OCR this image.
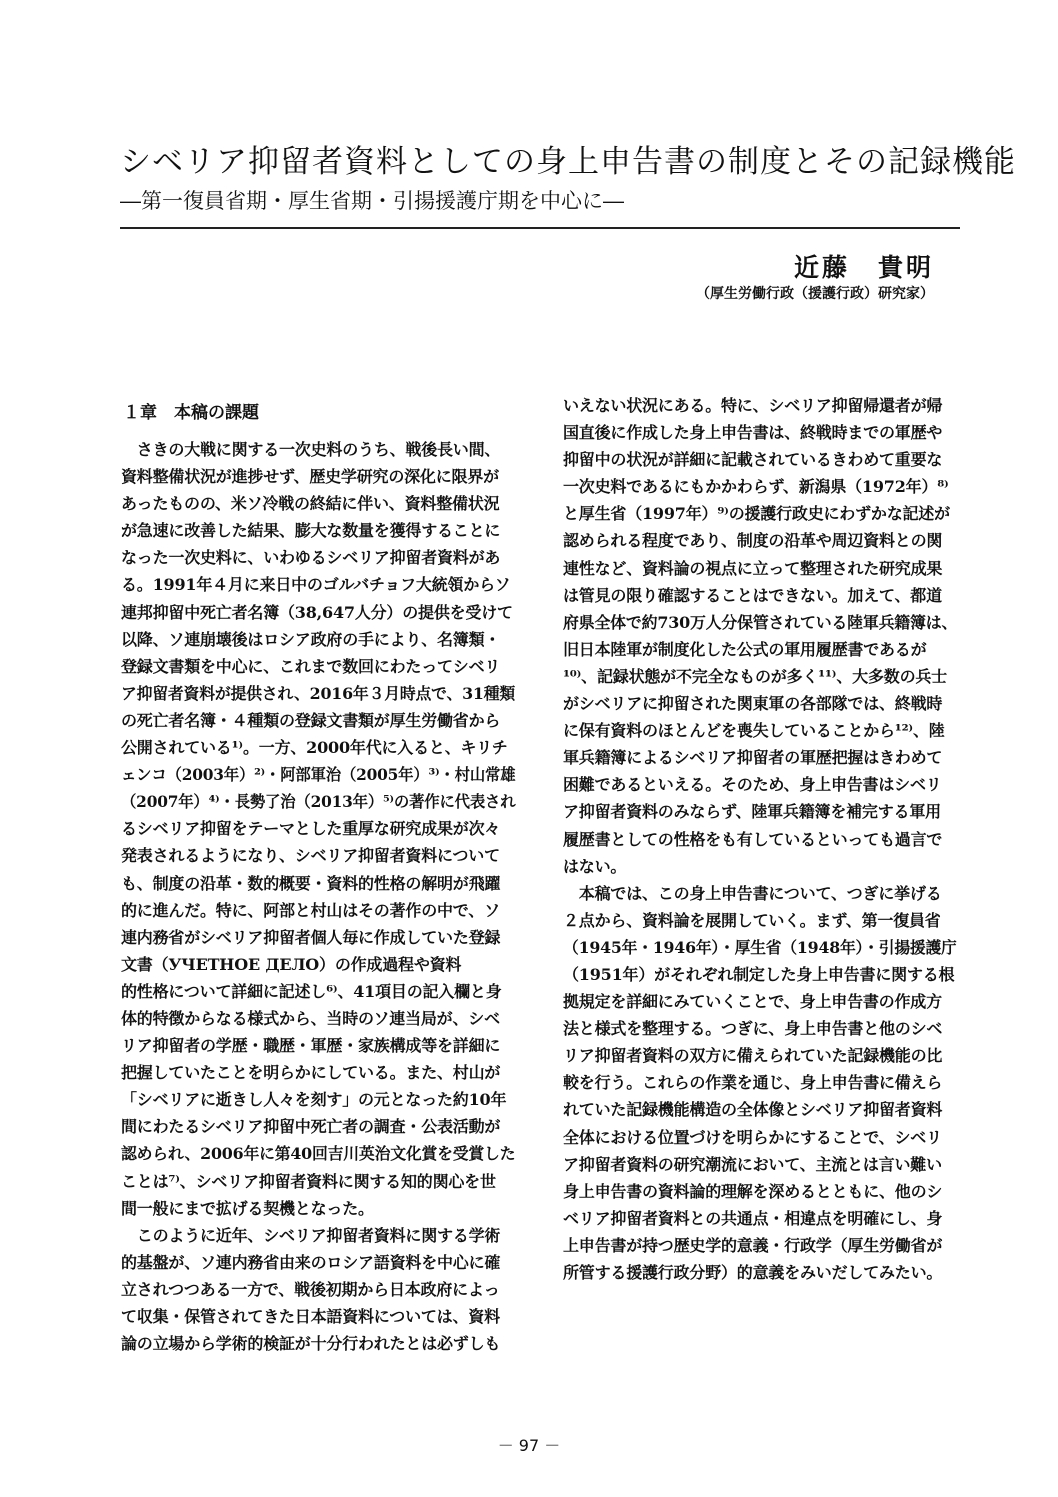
シベリア抑留者資料としての身上申告書の制度とその記録機能
―第一復員省期・厚生省期・引揚援護庁期を中心に―
近藤　貴明
（厚生労働行政（援護行政）研究家）
１章　本稿の課題
　さきの大戦に関する一次史料のうち、戦後長い間、
資料整備状況が進捗せず、歴史学研究の深化に限界が
あったものの、米ソ冷戦の終結に伴い、資料整備状況
が急速に改善した結果、膨大な数量を獲得することに
なった一次史料に、いわゆるシベリア抑留者資料があ
る。1991年４月に来日中のゴルバチョフ大統領からソ
連邦抑留中死亡者名簿（38,647人分）の提供を受けて
以降、ソ連崩壊後はロシア政府の手により、名簿類・
登録文書類を中心に、これまで数回にわたってシベリ
ア抑留者資料が提供され、2016年３月時点で、31種類
の死亡者名簿・４種類の登録文書類が厚生労働省から
公開されている¹⁾。一方、2000年代に入ると、キリチ
ェンコ（2003年）²⁾・阿部軍治（2005年）³⁾・村山常雄
（2007年）⁴⁾・長勢了治（2013年）⁵⁾の著作に代表され
るシベリア抑留をテーマとした重厚な研究成果が次々
発表されるようになり、シベリア抑留者資料について
も、制度の沿革・数的概要・資料的性格の解明が飛躍
的に進んだ。特に、阿部と村山はその著作の中で、ソ
連内務省がシベリア抑留者個人毎に作成していた登録
文書（УЧЕТНОЕ ДЕЛО）の作成過程や資料
的性格について詳細に記述し⁶⁾、41項目の記入欄と身
体的特徴からなる様式から、当時のソ連当局が、シベ
リア抑留者の学歴・職歴・軍歴・家族構成等を詳細に
把握していたことを明らかにしている。また、村山が
「シベリアに逝きし人々を刻す」の元となった約10年
間にわたるシベリア抑留中死亡者の調査・公表活動が
認められ、2006年に第40回吉川英治文化賞を受賞した
ことは⁷⁾、シベリア抑留者資料に関する知的関心を世
間一般にまで拡げる契機となった。
　このように近年、シベリア抑留者資料に関する学術
的基盤が、ソ連内務省由来のロシア語資料を中心に確
立されつつある一方で、戦後初期から日本政府によっ
て収集・保管されてきた日本語資料については、資料
論の立場から学術的検証が十分行われたとは必ずしも
いえない状況にある。特に、シベリア抑留帰還者が帰
国直後に作成した身上申告書は、終戦時までの軍歴や
抑留中の状況が詳細に記載されているきわめて重要な
一次史料であるにもかかわらず、新潟県（1972年）⁸⁾
と厚生省（1997年）⁹⁾の援護行政史にわずかな記述が
認められる程度であり、制度の沿革や周辺資料との関
連性など、資料論の視点に立って整理された研究成果
は管見の限り確認することはできない。加えて、都道
府県全体で約730万人分保管されている陸軍兵籍簿は、
旧日本陸軍が制度化した公式の軍用履歴書であるが
¹⁰⁾、記録状態が不完全なものが多く¹¹⁾、大多数の兵士
がシベリアに抑留された関東軍の各部隊では、終戦時
に保有資料のほとんどを喪失していることから¹²⁾、陸
軍兵籍簿によるシベリア抑留者の軍歴把握はきわめて
困難であるといえる。そのため、身上申告書はシベリ
ア抑留者資料のみならず、陸軍兵籍簿を補完する軍用
履歴書としての性格をも有しているといっても過言で
はない。
　本稿では、この身上申告書について、つぎに挙げる
２点から、資料論を展開していく。まず、第一復員省
（1945年・1946年）・厚生省（1948年）・引揚援護庁
（1951年）がそれぞれ制定した身上申告書に関する根
拠規定を詳細にみていくことで、身上申告書の作成方
法と様式を整理する。つぎに、身上申告書と他のシベ
リア抑留者資料の双方に備えられていた記録機能の比
較を行う。これらの作業を通じ、身上申告書に備えら
れていた記録機能構造の全体像とシベリア抑留者資料
全体における位置づけを明らかにすることで、シベリ
ア抑留者資料の研究潮流において、主流とは言い難い
身上申告書の資料論的理解を深めるとともに、他のシ
ベリア抑留者資料との共通点・相違点を明確にし、身
上申告書が持つ歴史学的意義・行政学（厚生労働省が
所管する援護行政分野）的意義をみいだしてみたい。
－ 97 －
